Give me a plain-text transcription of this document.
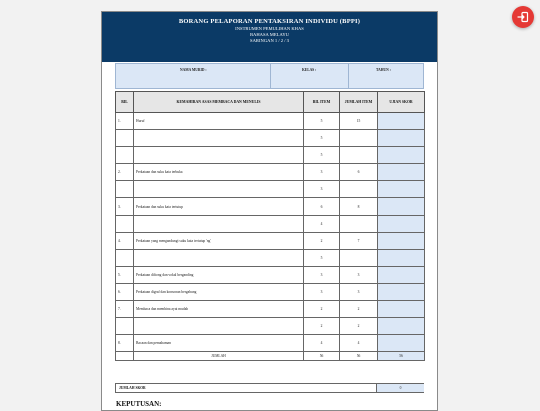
BORANG PELAPORAN PENTAKSIRAN INDIVIDU (BPPI)
INSTRUMEN PEMULIHAN KHAS
BAHASA MELAYU
SARINGAN 1 / 2 / 3
NAMA MURID :	KELAS :	TAHUN :
BIL	KEMAHIRAN ASAS MEMBACA DAN MENULIS	BIL ITEM	JUMLAH ITEM	UJIAN SKOR
1.	Huruf	5	15	
		5		
		5		
2.	Perkataan dan suku kata terbuka	3	6	
		3		
3.	Perkataan dan suku kata tertutup	6	8	
		4		
4.	Perkataan yang mengandungi suku kata tertutup 'ng'	2	7	
		5		
5.	Perkataan diftong dan vokal berganding	3	3	
6.	Perkataan digraf dan konsonan bergabung	3	3	
7.	Membaca dan membina ayat mudah	2	2	
		2	2	
8.	Bacaan dan pemahaman	4	4	
	JUMLAH	56	56	56
JUMLAH SKOR	0
KEPUTUSAN:
